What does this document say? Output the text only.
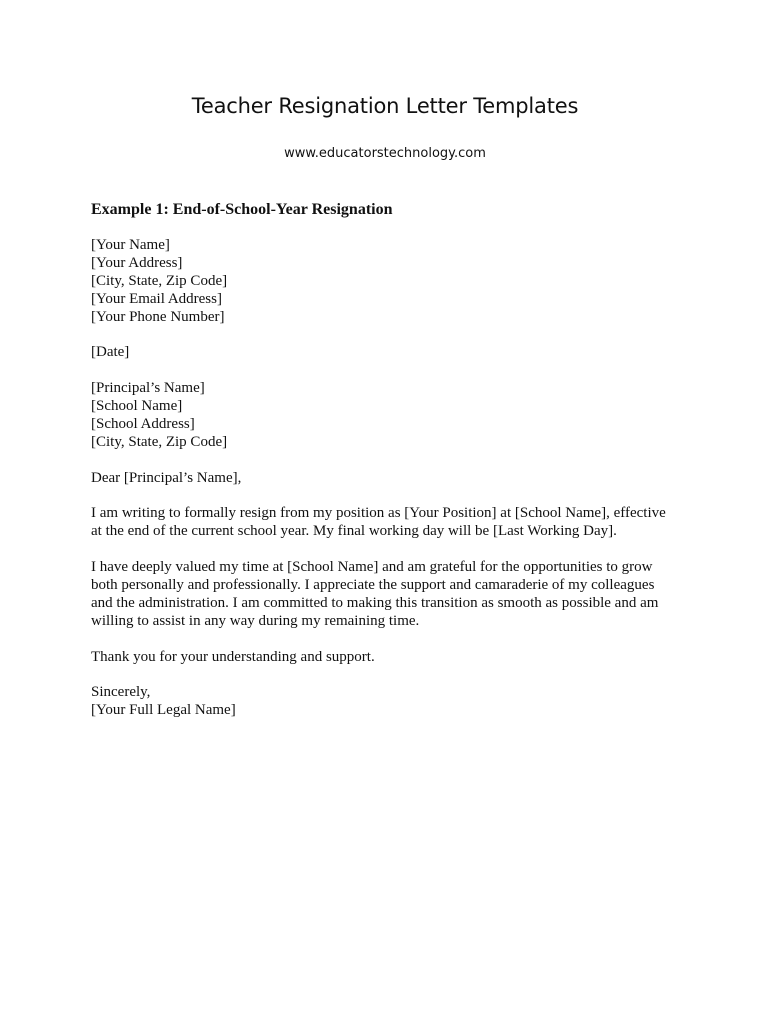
Teacher Resignation Letter Templates
www.educatorstechnology.com
Example 1: End-of-School-Year Resignation
[Your Name]
[Your Address]
[City, State, Zip Code]
[Your Email Address]
[Your Phone Number]
[Date]
[Principal’s Name]
[School Name]
[School Address]
[City, State, Zip Code]
Dear [Principal’s Name],
I am writing to formally resign from my position as [Your Position] at [School Name], effective
at the end of the current school year. My final working day will be [Last Working Day].
I have deeply valued my time at [School Name] and am grateful for the opportunities to grow
both personally and professionally. I appreciate the support and camaraderie of my colleagues
and the administration. I am committed to making this transition as smooth as possible and am
willing to assist in any way during my remaining time.
Thank you for your understanding and support.
Sincerely,
[Your Full Legal Name]
